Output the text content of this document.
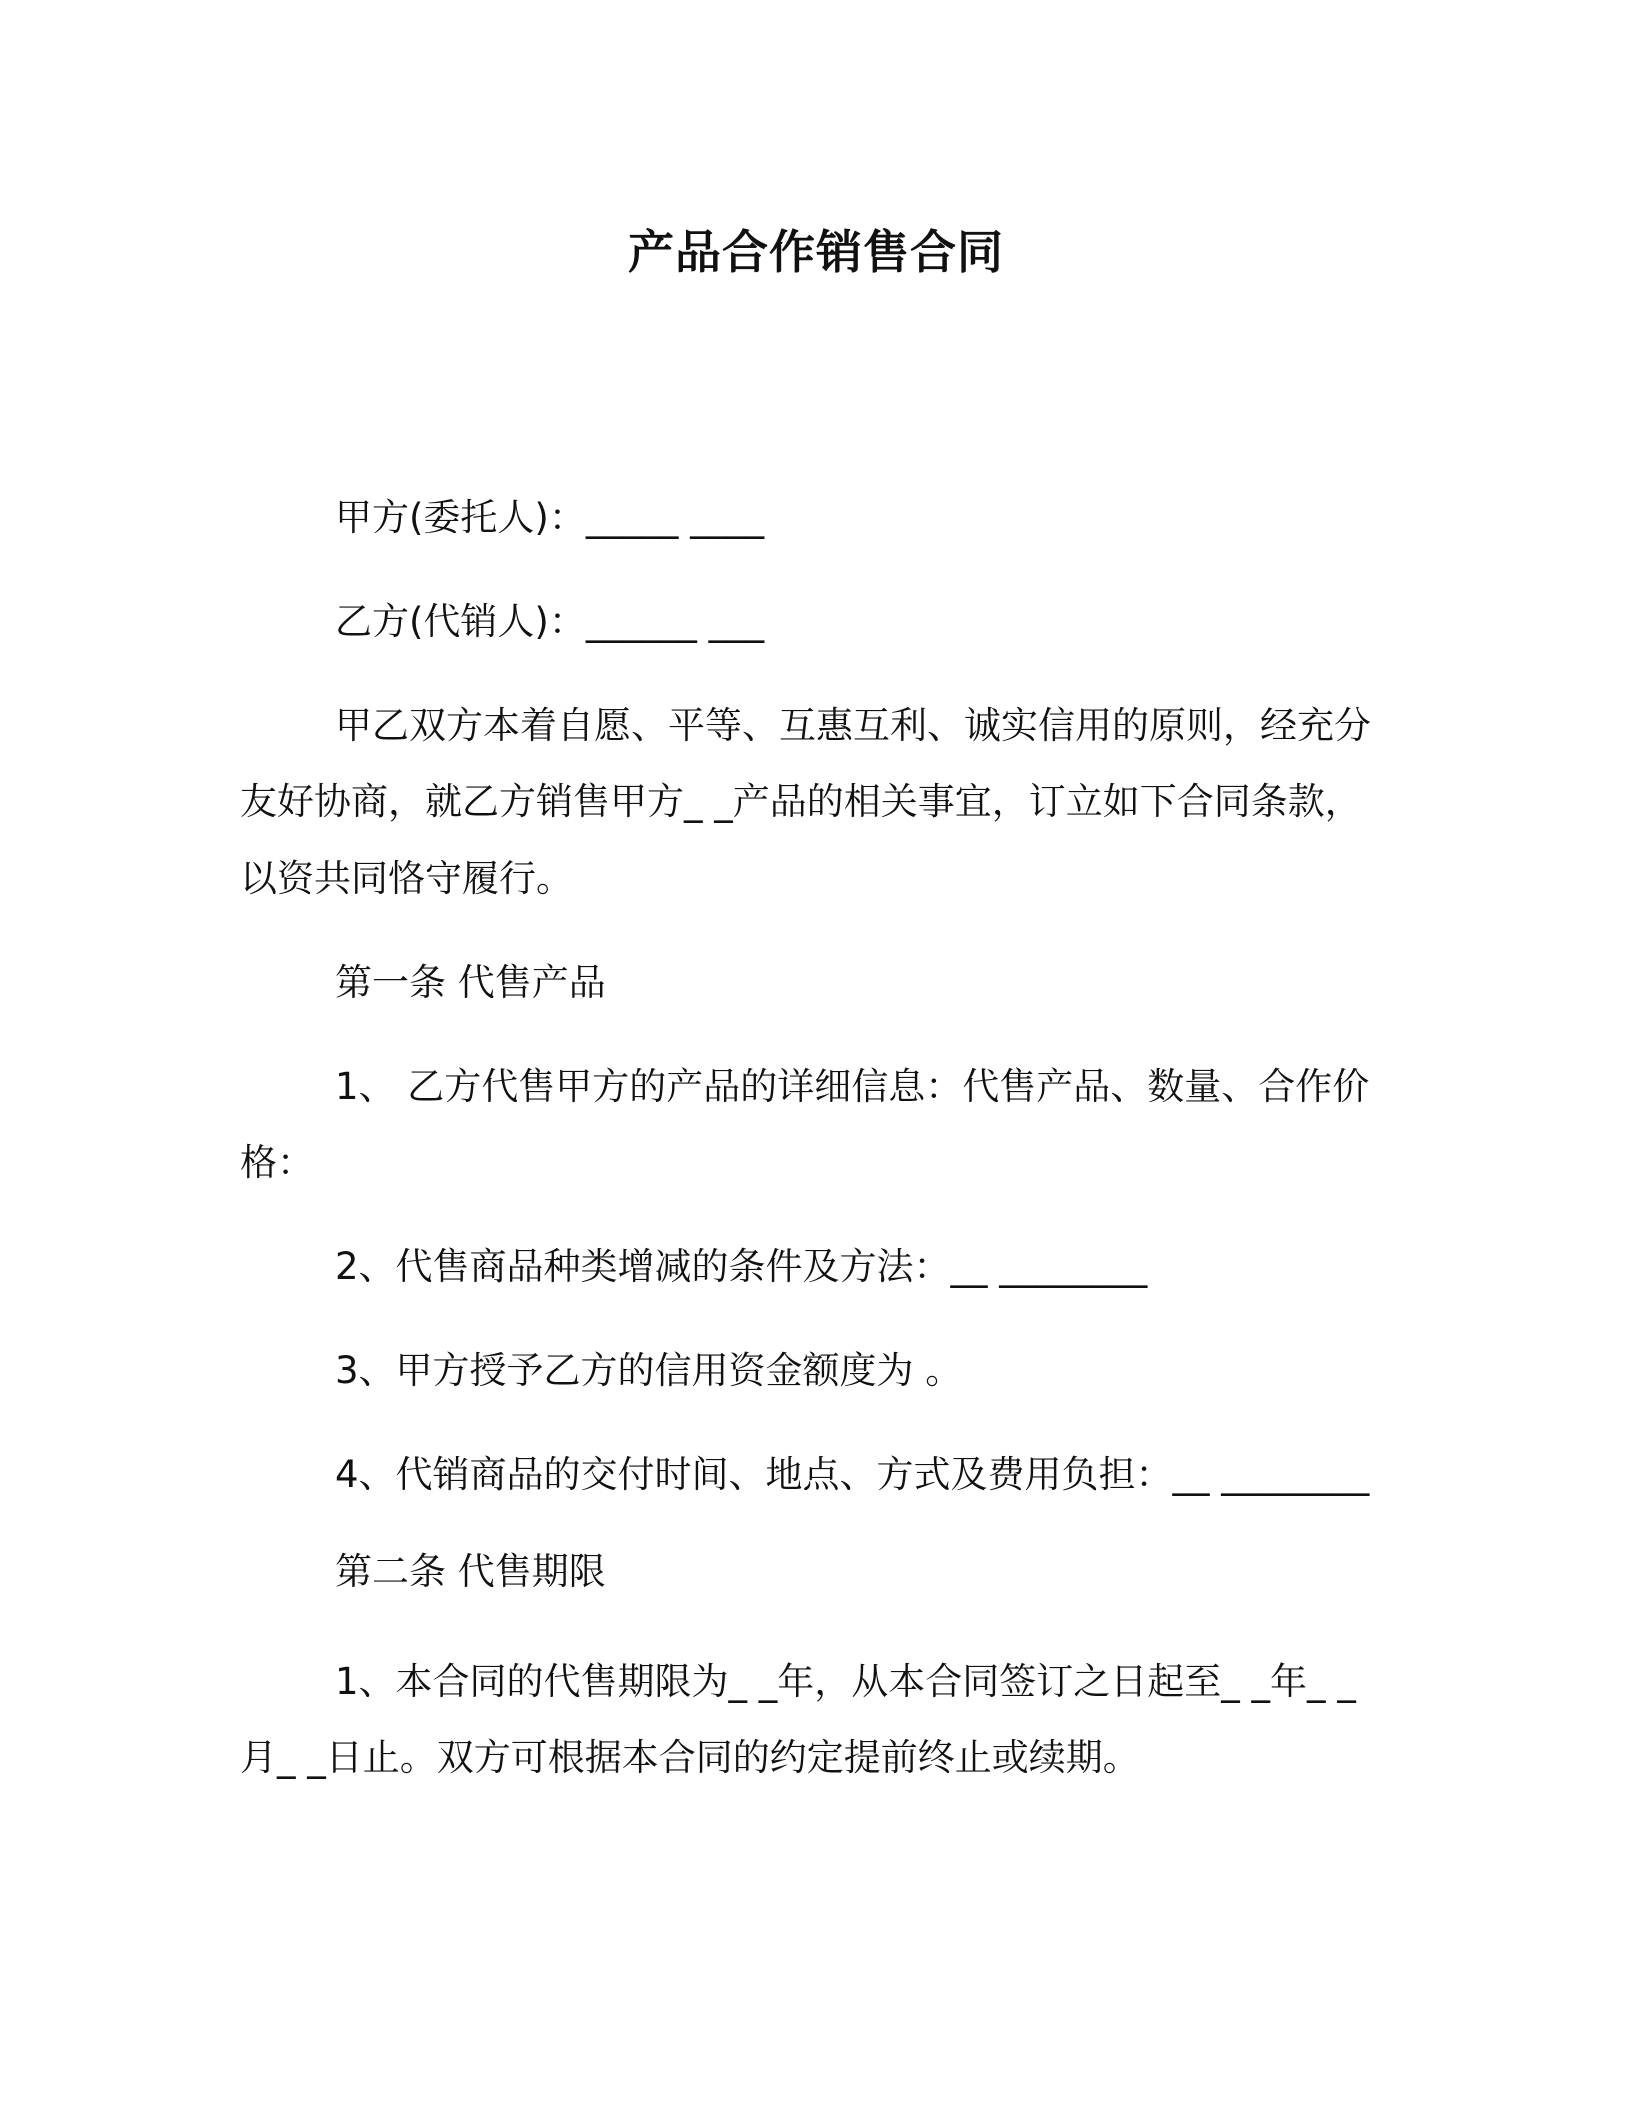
产品合作销售合同
甲方(委托人)：_____ ____
乙方(代销人)：______ ___
甲乙双方本着自愿、平等、互惠互利、诚实信用的原则，经充分
友好协商，就乙方销售甲方_ _产品的相关事宜，订立如下合同条款，
以资共同恪守履行。
第一条 代售产品
1、 乙方代售甲方的产品的详细信息：代售产品、数量、合作价
格：
2、代售商品种类增减的条件及方法：__ ________
3、甲方授予乙方的信用资金额度为 。
4、代销商品的交付时间、地点、方式及费用负担：__ ________
第二条 代售期限
1、本合同的代售期限为_ _年，从本合同签订之日起至_ _年_ _
月_ _日止。双方可根据本合同的约定提前终止或续期。
